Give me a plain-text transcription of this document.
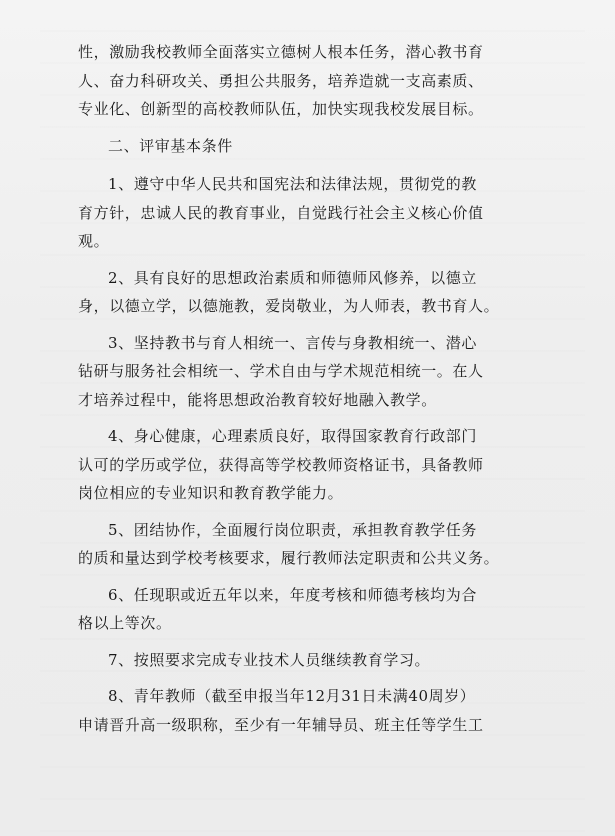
性，激励我校教师全面落实立德树人根本任务，潜心教书育
人、奋力科研攻关、勇担公共服务，培养造就一支高素质、
专业化、创新型的高校教师队伍，加快实现我校发展目标。
二、评审基本条件
1、遵守中华人民共和国宪法和法律法规，贯彻党的教
育方针，忠诚人民的教育事业，自觉践行社会主义核心价值
观。
2、具有良好的思想政治素质和师德师风修养，以德立
身，以德立学，以德施教，爱岗敬业，为人师表，教书育人。
3、坚持教书与育人相统一、言传与身教相统一、潜心
钻研与服务社会相统一、学术自由与学术规范相统一。在人
才培养过程中，能将思想政治教育较好地融入教学。
4、身心健康，心理素质良好，取得国家教育行政部门
认可的学历或学位，获得高等学校教师资格证书，具备教师
岗位相应的专业知识和教育教学能力。
5、团结协作，全面履行岗位职责，承担教育教学任务
的质和量达到学校考核要求，履行教师法定职责和公共义务。
6、任现职或近五年以来，年度考核和师德考核均为合
格以上等次。
7、按照要求完成专业技术人员继续教育学习。
8、青年教师（截至申报当年12月31日未满40周岁）
申请晋升高一级职称，至少有一年辅导员、班主任等学生工
